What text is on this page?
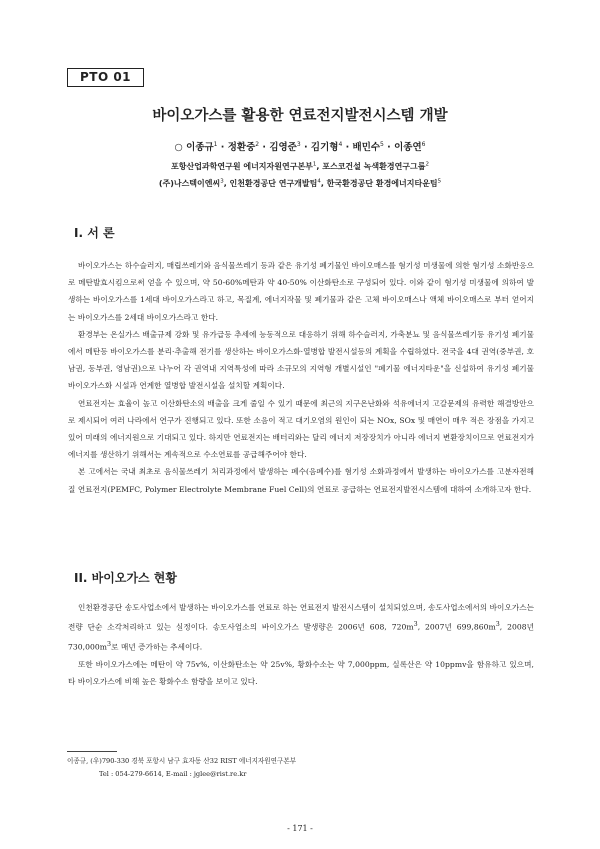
PTO 01
바이오가스를 활용한 연료전지발전시스템 개발
○ 이종규$^1$ · 정환중$^2$ · 김영준$^3$ · 김기형$^4$ · 배민수$^5$ · 이종연$^6$
포항산업과학연구원 에너지자원연구본부$^1$, 포스코건설 녹색환경연구그룹$^2$
(주)나스텍이엔씨$^3$, 인천환경공단 연구개발팀$^4$, 한국환경공단 환경에너지타운팀$^5$
I. 서 론

바이오가스는 하수슬러지, 매립쓰레기와 음식물쓰레기 등과 같은 유기성 폐기물인 바이오매스를 혐기성 미생물에 의한 혐기성 소화반응으로 메탄발효시킴으로써 얻을 수 있으며, 약 50-60%메탄과 약 40-50% 이산화탄소로 구성되어 있다. 이와 같이 혐기성 미생물에 의하여 발생하는 바이오가스를 1세대 바이오가스라고 하고, 목질계, 에너지작물 및 폐기물과 같은 고체 바이오매스나 액체 바이오매스로 부터 얻어지는 바이오가스를 2세대 바이오가스라고 한다.

환경부는 온실가스 배출규제 강화 및 유가급등 추세에 능동적으로 대응하기 위해 하수슬러지, 가축분뇨 및 음식물쓰레기등 유기성 폐기물에서 메탄등 바이오가스를 분리·추출해 전기를 생산하는 바이오가스화·열병합 발전시설등의 계획을 수립하였다. 전국을 4대 권역(중부권, 호남권, 동부권, 영남권)으로 나누어 각 권역내 지역특성에 따라 소규모의 지역형 개별시설인 "폐기물 에너지타운"을 신설하여 유기성 폐기물 바이오가스화 시설과 연계한 열병합 발전시설을 설치할 계획이다.

연료전지는 효율이 높고 이산화탄소의 배출을 크게 줄일 수 있기 때문에 최근의 지구온난화와 석유에너지 고갈문제의 유력한 해결방안으로 제시되어 여러 나라에서 연구가 진행되고 있다. 또한 소음이 적고 대기오염의 원인이 되는 NOx, SOx 및 매연이 매우 적은 장점을 가지고 있어 미래의 에너지원으로 기대되고 있다. 하지만 연료전지는 배터리와는 달리 에너지 저장장치가 아니라 에너지 변환장치이므로 연료전지가 에너지를 생산하기 위해서는 계속적으로 수소연료를 공급해주어야 한다.

본 고에서는 국내 최초로 음식물쓰레기 처리과정에서 발생하는 폐수(음폐수)를 혐기성 소화과정에서 발생하는 바이오가스를 고분자전해질 연료전지(PEMFC, Polymer Electrolyte Membrane Fuel Cell)의 연료로 공급하는 연료전지발전시스템에 대하여 소개하고자 한다.

II. 바이오가스 현황

인천환경공단 송도사업소에서 발생하는 바이오가스를 연료로 하는 연료전지 발전시스템이 설치되었으며, 송도사업소에서의 바이오가스는 전량 단순 소각처리하고 있는 실정이다. 송도사업소의 바이오가스 발생량은 2006년 608, $720m^3$, 2007년 $699,860m^3$, 2008년 $730,000m^3$로 매년 증가하는 추세이다.

또한 바이오가스에는 메탄이 약 75v%, 이산화탄소는 약 25v%, 황화수소는 약 7,000ppm, 실록산은 약 10ppmv을 함유하고 있으며, 타 바이오가스에 비해 높은 황화수소 함량을 보이고 있다.

이종규, (우)790-330 경북 포항시 남구 효자동 산32 RIST 에너지자원연구본부
Tel : 054-279-6614, E-mail : jglee@rist.re.kr
- 171 -
